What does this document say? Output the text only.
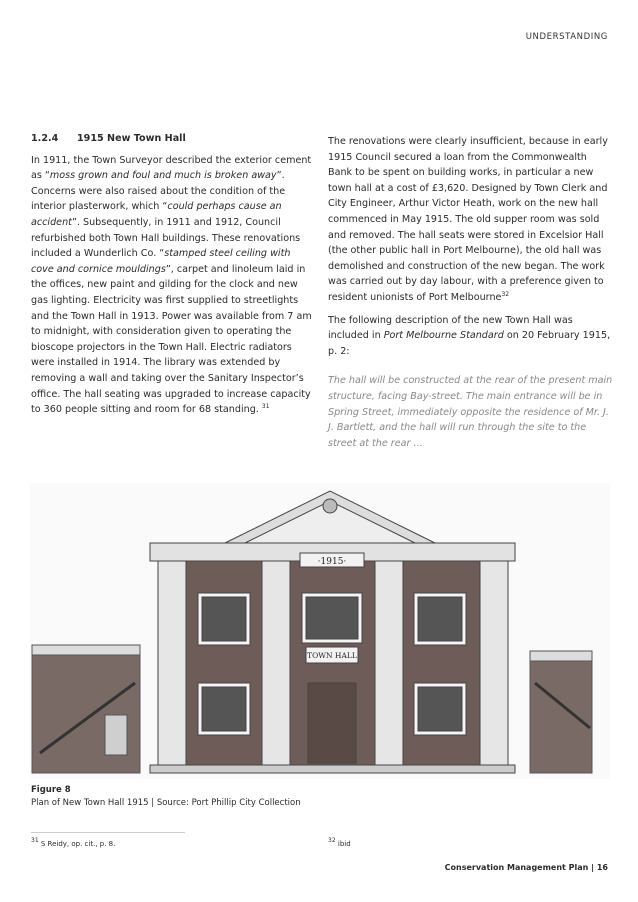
UNDERSTANDING
1.2.4 1915 New Town Hall

In 1911, the Town Surveyor described the exterior cement as “moss grown and foul and much is broken away”. Concerns were also raised about the condition of the interior plasterwork, which “could perhaps cause an accident”. Subsequently, in 1911 and 1912, Council refurbished both Town Hall buildings. These renovations included a Wunderlich Co. “stamped steel ceiling with cove and cornice mouldings”, carpet and linoleum laid in the offices, new paint and gilding for the clock and new gas lighting. Electricity was first supplied to streetlights and the Town Hall in 1913. Power was available from 7 am to midnight, with consideration given to operating the bioscope projectors in the Town Hall. Electric radiators were installed in 1914. The library was extended by removing a wall and taking over the Sanitary Inspector’s office. The hall seating was upgraded to increase capacity to 360 people sitting and room for 68 standing. $^{31}$

The renovations were clearly insufficient, because in early 1915 Council secured a loan from the Commonwealth Bank to be spent on building works, in particular a new town hall at a cost of £3,620. Designed by Town Clerk and City Engineer, Arthur Victor Heath, work on the new hall commenced in May 1915. The old supper room was sold and removed. The hall seats were stored in Excelsior Hall (the other public hall in Port Melbourne), the old hall was demolished and construction of the new began. The work was carried out by day labour, with a preference given to resident unionists of Port Melbourne$^{32}$

The following description of the new Town Hall was included in Port Melbourne Standard on 20 February 1915, p. 2:

The hall will be constructed at the rear of the present main structure, facing Bay-street. The main entrance will be in Spring Street, immediately opposite the residence of Mr. J. J. Bartlett, and the hall will run through the site to the street at the rear ...

·1915·
TOWN HALL
Figure 8
Plan of New Town Hall 1915 | Source: Port Phillip City Collection
$^{31}$ S Reidy, op. cit., p. 8.	$^{32}$ ibid
Conservation Management Plan | 16
